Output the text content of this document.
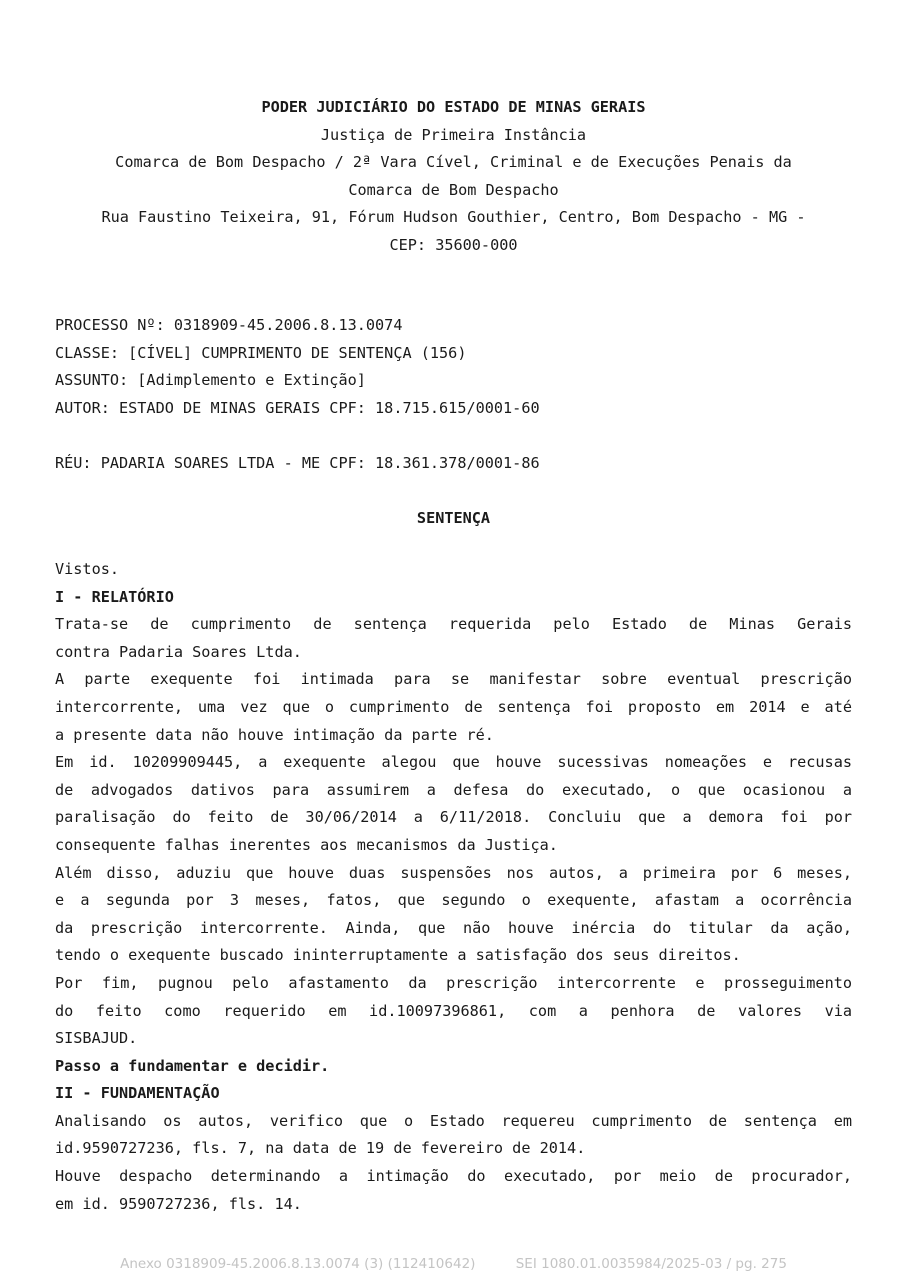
PODER JUDICIÁRIO DO ESTADO DE MINAS GERAIS
Justiça de Primeira Instância
Comarca de Bom Despacho / 2ª Vara Cível, Criminal e de Execuções Penais da
Comarca de Bom Despacho
Rua Faustino Teixeira, 91, Fórum Hudson Gouthier, Centro, Bom Despacho - MG -
CEP: 35600-000
PROCESSO Nº: 0318909-45.2006.8.13.0074
CLASSE: [CÍVEL] CUMPRIMENTO DE SENTENÇA (156)
ASSUNTO: [Adimplemento e Extinção]
AUTOR: ESTADO DE MINAS GERAIS CPF: 18.715.615/0001-60
RÉU: PADARIA SOARES LTDA - ME CPF: 18.361.378/0001-86
SENTENÇA
Vistos.
I - RELATÓRIO
Trata-se de cumprimento de sentença requerida pelo Estado de Minas Gerais
contra Padaria Soares Ltda.
A parte exequente foi intimada para se manifestar sobre eventual prescrição
intercorrente, uma vez que o cumprimento de sentença foi proposto em 2014 e até
a presente data não houve intimação da parte ré.
Em id. 10209909445, a exequente alegou que houve sucessivas nomeações e recusas
de advogados dativos para assumirem a defesa do executado, o que ocasionou a
paralisação do feito de 30/06/2014 a 6/11/2018. Concluiu que a demora foi por
consequente falhas inerentes aos mecanismos da Justiça.
Além disso, aduziu que houve duas suspensões nos autos, a primeira por 6 meses,
e a segunda por 3 meses, fatos, que segundo o exequente, afastam a ocorrência
da prescrição intercorrente. Ainda, que não houve inércia do titular da ação,
tendo o exequente buscado ininterruptamente a satisfação dos seus direitos.
Por fim, pugnou pelo afastamento da prescrição intercorrente e prosseguimento
do feito como requerido em id.10097396861, com a penhora de valores via
SISBAJUD.
Passo a fundamentar e decidir.
II - FUNDAMENTAÇÃO
Analisando os autos, verifico que o Estado requereu cumprimento de sentença em
id.9590727236, fls. 7, na data de 19 de fevereiro de 2014.
Houve despacho determinando a intimação do executado, por meio de procurador,
em id. 9590727236, fls. 14.
Anexo 0318909-45.2006.8.13.0074 (3) (112410642)	SEI 1080.01.0035984/2025-03 / pg. 275
